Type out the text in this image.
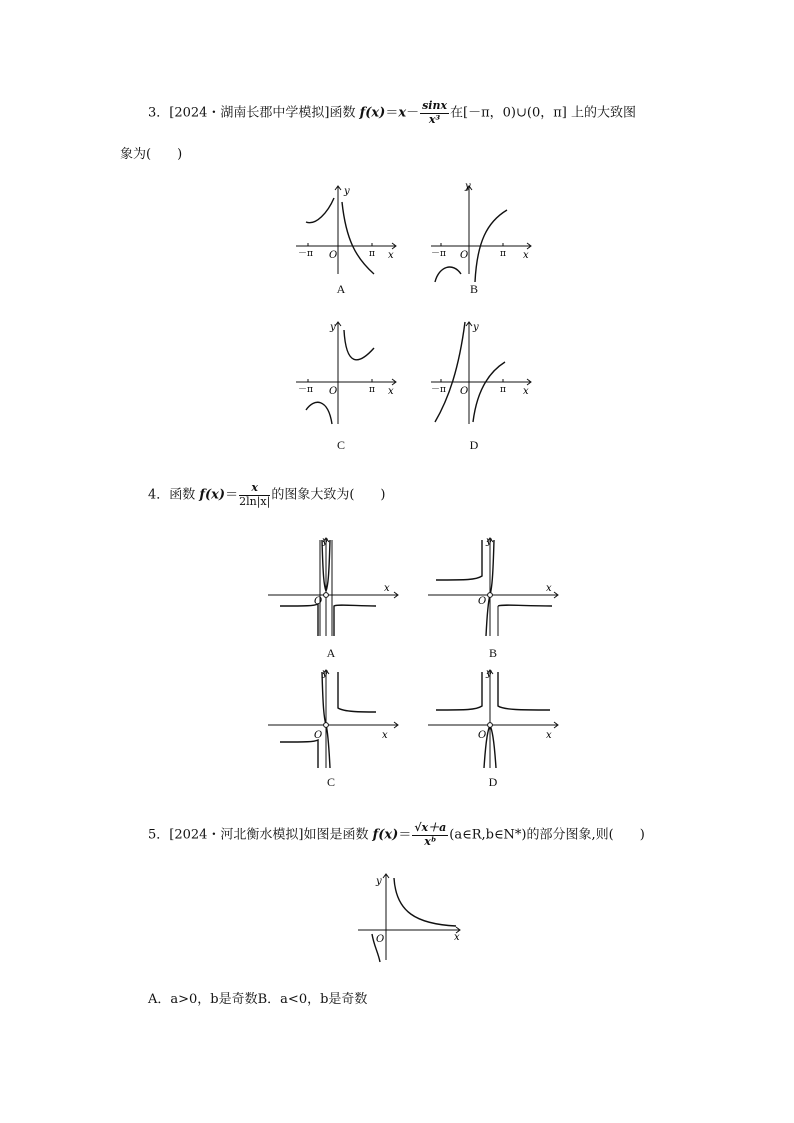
3．[2024・湖南长郡中学模拟]函数 $f(x)=x- \frac{\sin x}{\text{x³}}$ 在[－π，0)∪(0，π] 上的大致图
象为(　　)
y
x
O
－π	π
A
y
x
O
－π	π
B
y
x
O
－π	π
C
y
x
O
－π	π
D
4．函数 $f(x)= \frac{x}{2\ln|x|}$ 的图象大致为(　　)
y
x
O
A
y
x
O
B
y
x
O
C
y
x
O
D
5．[2024・河北衡水模拟]如图是函数 $f(x)= \frac{√x+a}{\text{xᵇ}}$ (a∈R,b∈N*)的部分图象,则(　　)
y
x
O
A．a>0，b是奇数B．a<0，b是奇数
